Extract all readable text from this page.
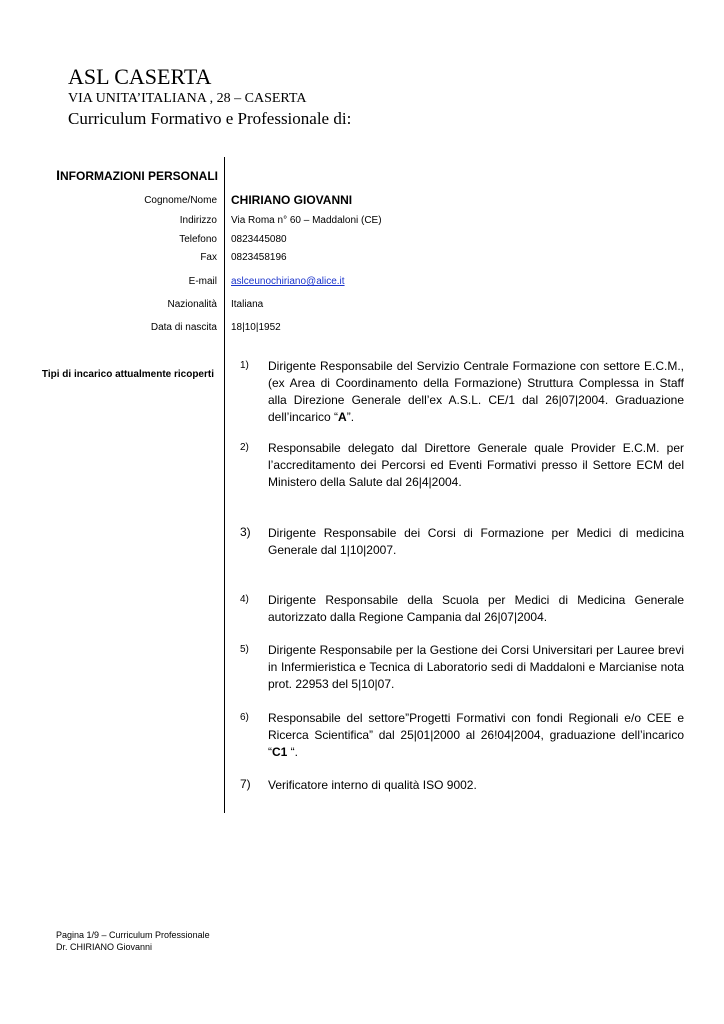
ASL CASERTA
VIA UNITA’ITALIANA , 28 – CASERTA
Curriculum Formativo e Professionale di:
INFORMAZIONI PERSONALI
Cognome/Nome CHIRIANO GIOVANNI
Indirizzo Via Roma n° 60 – Maddaloni (CE)
Telefono 0823445080
Fax 0823458196
E-mail aslceunochiriano@alice.it
Nazionalità Italiana
Data di nascita 18|10|1952
Tipi di incarico attualmente ricoperti
1)	Dirigente Responsabile del Servizio Centrale Formazione con settore E.C.M., (ex Area di Coordinamento della Formazione) Struttura Complessa in Staff alla Direzione Generale dell’ex A.S.L. CE/1 dal 26|07|2004. Graduazione dell’incarico “A”.
2)	Responsabile delegato dal Direttore Generale quale Provider E.C.M. per l’accreditamento dei Percorsi ed Eventi Formativi presso il Settore ECM del Ministero della Salute dal 26|4|2004.
3)	Dirigente Responsabile dei Corsi di Formazione per Medici di medicina Generale dal 1|10|2007.
4)	Dirigente Responsabile della Scuola per Medici di Medicina Generale autorizzato dalla Regione Campania dal 26|07|2004.
5)	Dirigente Responsabile per la Gestione dei Corsi Universitari per Lauree brevi in Infermieristica e Tecnica di Laboratorio sedi di Maddaloni e Marcianise nota prot. 22953 del 5|10|07.
6)	Responsabile del settore”Progetti Formativi con fondi Regionali e/o CEE e Ricerca Scientifica” dal 25|01|2000 al 26!04|2004, graduazione dell’incarico “C1 “.
7)	Verificatore interno di qualità ISO 9002.
Pagina 1/9 – Curriculum Professionale
Dr. CHIRIANO Giovanni
